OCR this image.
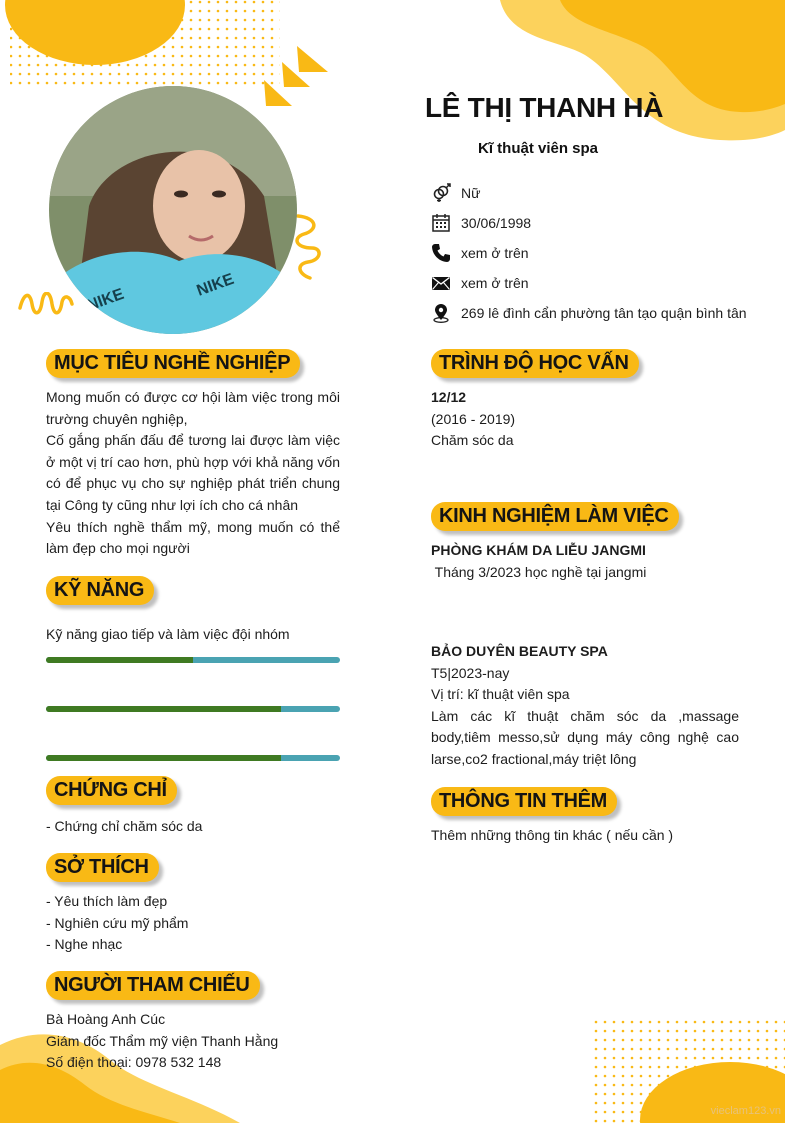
NIKE
NIKE
LÊ THỊ THANH HÀ
Kĩ thuật viên spa
Nữ
30/06/1998
xem ở trên
xem ở trên
269 lê đình cẩn phường tân tạo quận bình tân
MỤC TIÊU NGHỀ NGHIỆP
Mong muốn có được cơ hội làm việc trong môi trường chuyên nghiệp,
Cố gắng phấn đấu để tương lai được làm việc ở một vị trí cao hơn, phù hợp với khả năng vốn có để phục vụ cho sự nghiệp phát triển chung tại Công ty cũng như lợi ích cho cá nhân
Yêu thích nghề thẩm mỹ, mong muốn có thể làm đẹp cho mọi người
KỸ NĂNG
Kỹ năng giao tiếp và làm việc đội nhóm
CHỨNG CHỈ
- Chứng chỉ chăm sóc da
SỞ THÍCH
- Yêu thích làm đẹp
- Nghiên cứu mỹ phẩm
- Nghe nhạc
NGƯỜI THAM CHIẾU
Bà Hoàng Anh Cúc
Giám đốc Thẩm mỹ viện Thanh Hằng
Số điện thoại: 0978 532 148
TRÌNH ĐỘ HỌC VẤN
12/12
(2016 - 2019)
Chăm sóc da
KINH NGHIỆM LÀM VIỆC
PHÒNG KHÁM DA LIỄU JANGMI
Tháng 3/2023 học nghề tại jangmi
BẢO DUYÊN BEAUTY SPA
T5|2023-nay
Vị trí: kĩ thuật viên spa
Làm các kĩ thuật chăm sóc da ,massage body,tiêm messo,sử dụng máy công nghệ cao larse,co2 fractional,máy triệt lông
THÔNG TIN THÊM
Thêm những thông tin khác ( nếu cần )
vieclam123.vn
